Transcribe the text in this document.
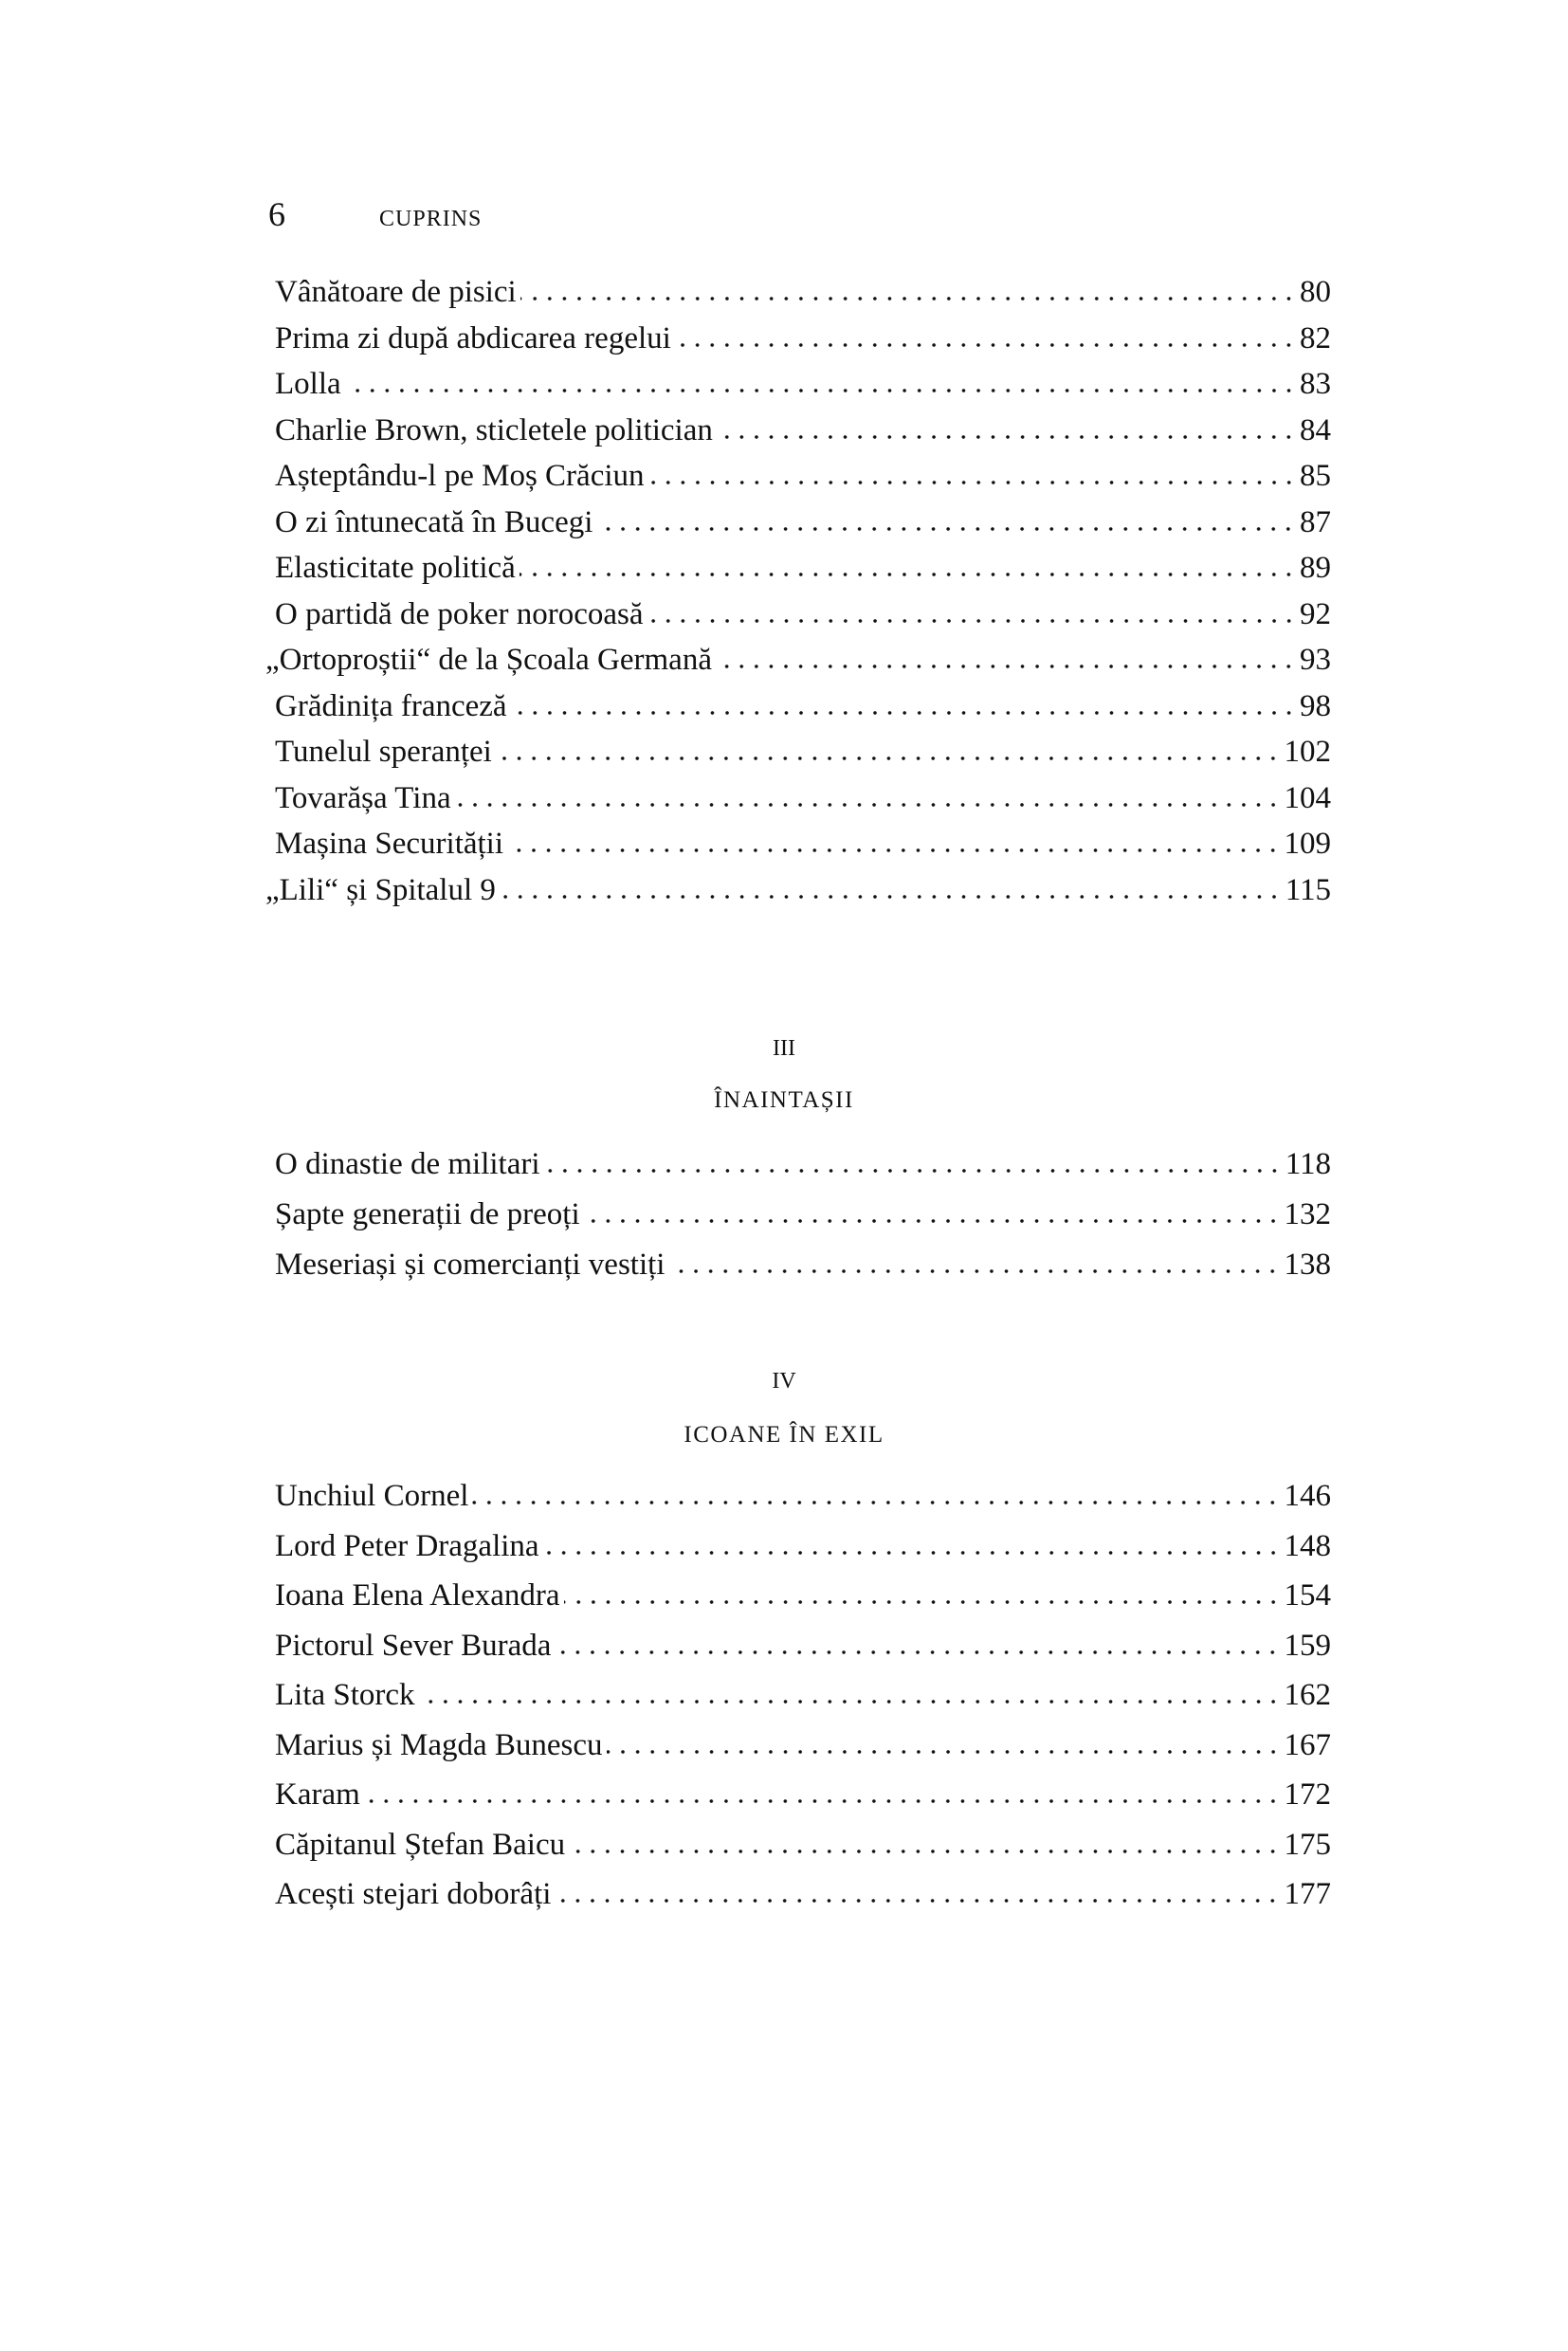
6	CUPRINS
Vânătoare de pisici	80
Prima zi după abdicarea regelui	82
Lolla	83
Charlie Brown, sticletele politician	84
Așteptându-l pe Moș Crăciun	85
O zi întunecată în Bucegi	87
Elasticitate politică	89
O partidă de poker norocoasă	92
„Ortoproștii“ de la Școala Germană	93
Grădinița franceză	98
Tunelul speranței	102
Tovarășa Tina	104
Mașina Securității	109
„Lili“ și Spitalul 9	115
III
ÎNAINTAȘII
O dinastie de militari	118
Șapte generații de preoți	132
Meseriași și comercianți vestiți	138
IV
ICOANE ÎN EXIL
Unchiul Cornel	146
Lord Peter Dragalina	148
Ioana Elena Alexandra	154
Pictorul Sever Burada	159
Lita Storck	162
Marius și Magda Bunescu	167
Karam	172
Căpitanul Ștefan Baicu	175
Acești stejari doborâți	177
